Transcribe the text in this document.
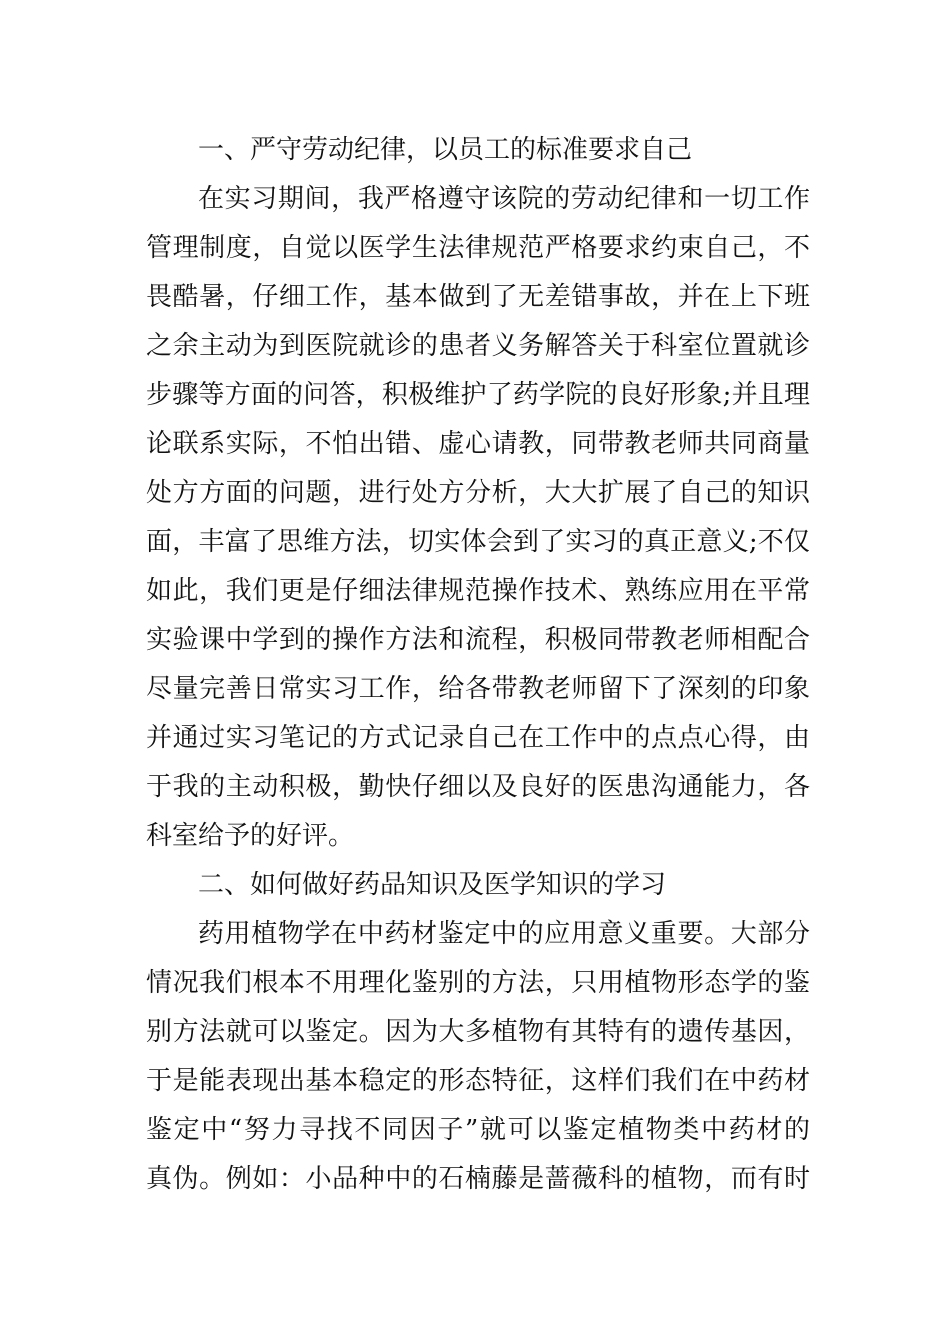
一、严守劳动纪律，以员工的标准要求自己
在实习期间，我严格遵守该院的劳动纪律和一切工作
管理制度，自觉以医学生法律规范严格要求约束自己，不
畏酷暑，仔细工作，基本做到了无差错事故，并在上下班
之余主动为到医院就诊的患者义务解答关于科室位置就诊
步骤等方面的问答，积极维护了药学院的良好形象;并且理
论联系实际，不怕出错、虚心请教，同带教老师共同商量
处方方面的问题，进行处方分析，大大扩展了自己的知识
面，丰富了思维方法，切实体会到了实习的真正意义;不仅
如此，我们更是仔细法律规范操作技术、熟练应用在平常
实验课中学到的操作方法和流程，积极同带教老师相配合
尽量完善日常实习工作，给各带教老师留下了深刻的印象
并通过实习笔记的方式记录自己在工作中的点点心得，由
于我的主动积极，勤快仔细以及良好的医患沟通能力，各
科室给予的好评。
二、如何做好药品知识及医学知识的学习
药用植物学在中药材鉴定中的应用意义重要。大部分
情况我们根本不用理化鉴别的方法，只用植物形态学的鉴
别方法就可以鉴定。因为大多植物有其特有的遗传基因，
于是能表现出基本稳定的形态特征，这样们我们在中药材
鉴定中“努力寻找不同因子”就可以鉴定植物类中药材的
真伪。例如：小品种中的石楠藤是蔷薇科的植物，而有时
